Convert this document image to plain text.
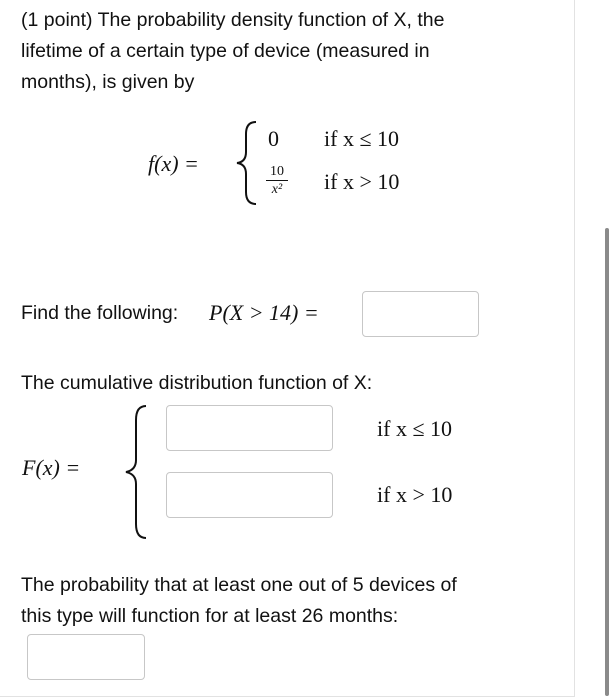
(1 point) The probability density function of X, the
lifetime of a certain type of device (measured in
months), is given by
f(x) =
0 if x ≤ 10
10
x² if x > 10
Find the following: P(X > 14) =
The cumulative distribution function of X:
F(x) =
if x ≤ 10
if x > 10
The probability that at least one out of 5 devices of
this type will function for at least 26 months:
